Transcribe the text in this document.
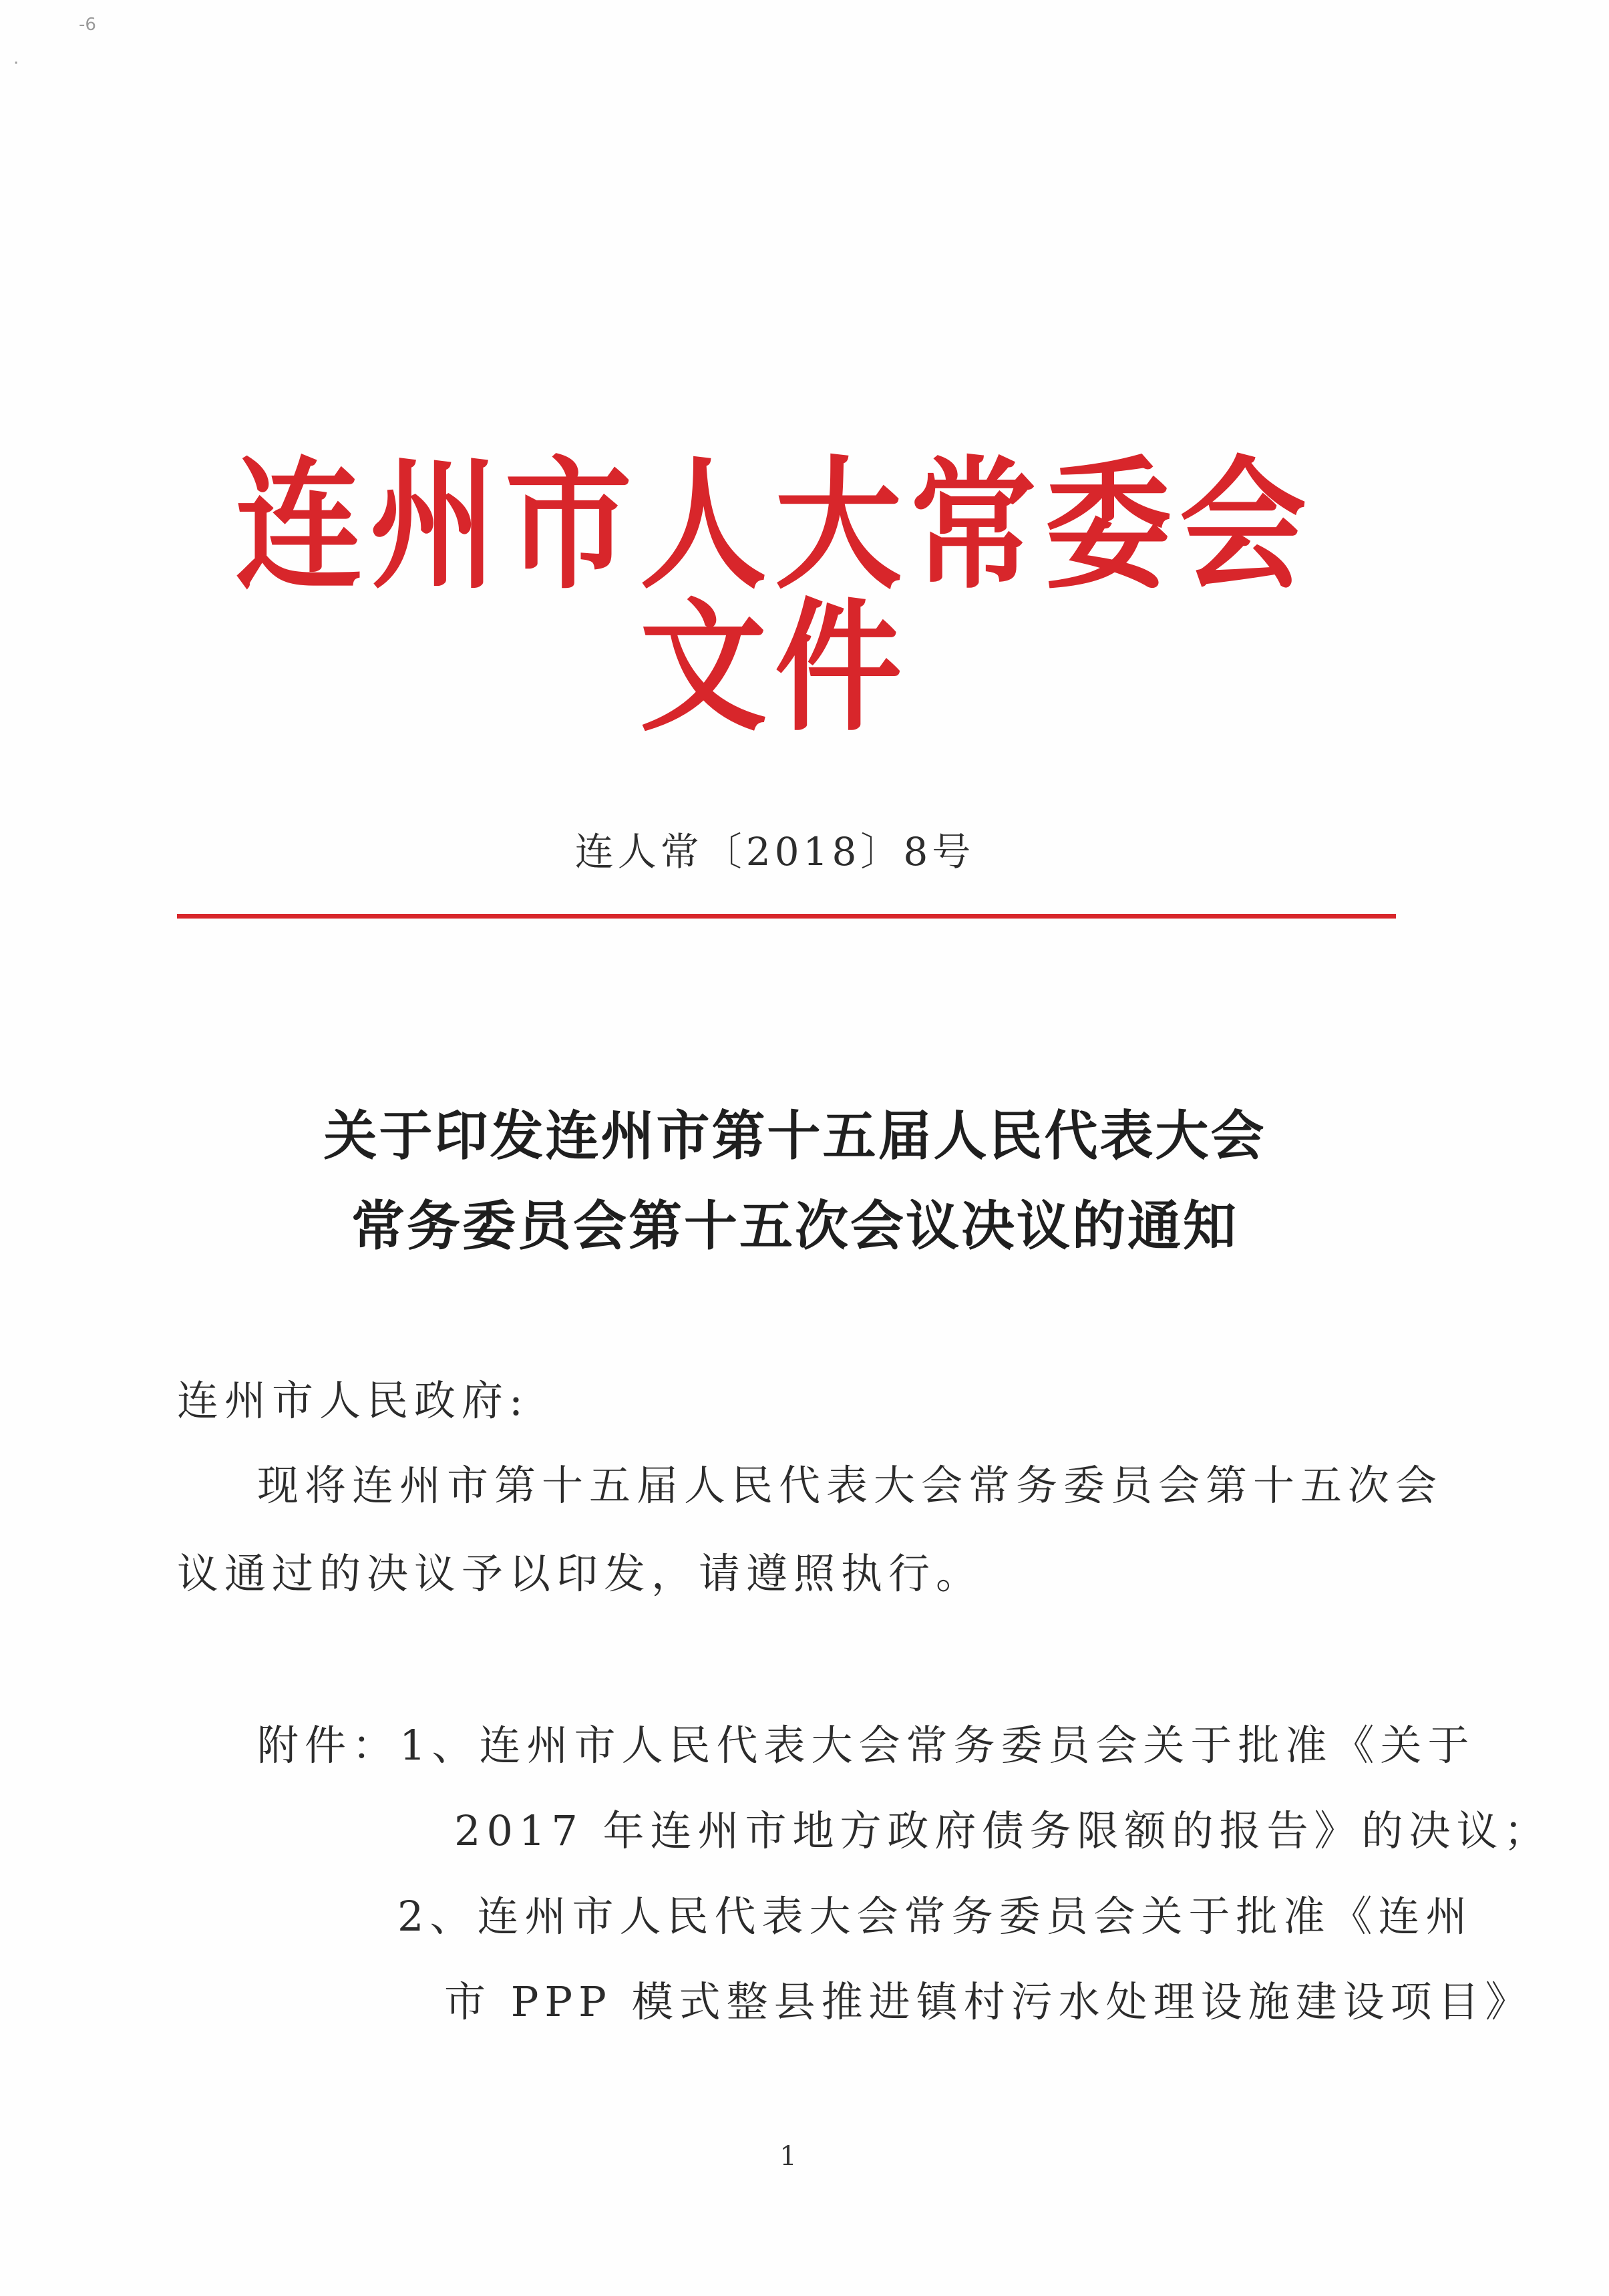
·
-6
连州市人大常委会文件
连人常〔2018〕8号
关于印发连州市第十五届人民代表大会
常务委员会第十五次会议决议的通知
连州市人民政府:
现将连州市第十五届人民代表大会常务委员会第十五次会
议通过的决议予以印发，请遵照执行。
附件：1、连州市人民代表大会常务委员会关于批准《关于
2017 年连州市地方政府债务限额的报告》的决议；
2、连州市人民代表大会常务委员会关于批准《连州
市 PPP 模式整县推进镇村污水处理设施建设项目》
1
